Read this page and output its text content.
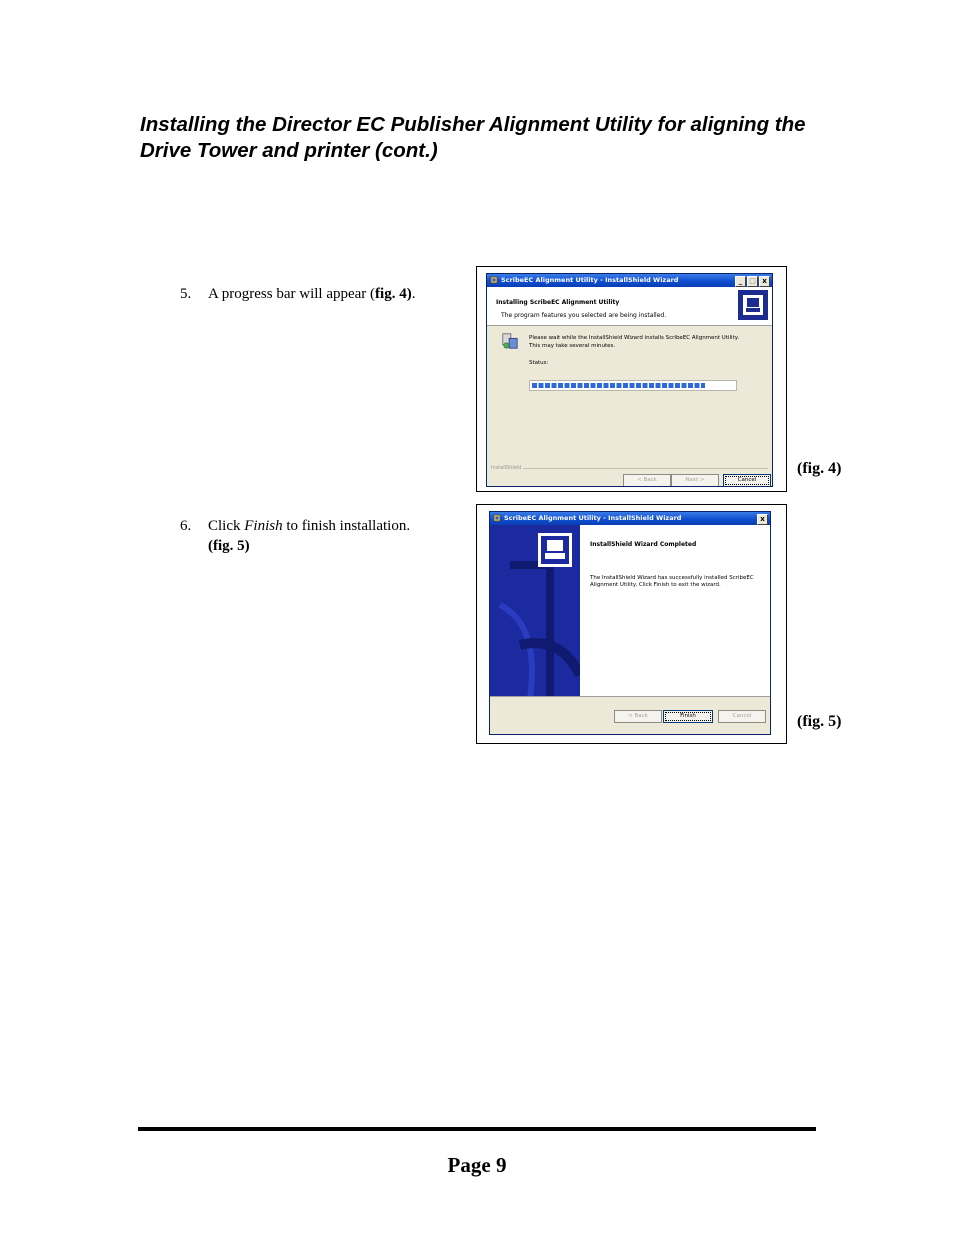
Installing the Director EC Publisher Alignment Utility for aligning the Drive Tower and printer (cont.)
5. A progress bar will appear (fig. 4).
6. Click Finish to finish installation.
(fig. 5)
ScribeEC Alignment Utility - InstallShield Wizard	_ □ x
Installing ScribeEC Alignment Utility
The program features you selected are being installed.
Please wait while the InstallShield Wizard installs ScribeEC Alignment Utility.
This may take several minutes.
Status:
InstallShield
< Back	Next >	Cancel
(fig. 4)
ScribeEC Alignment Utility - InstallShield Wizard	x
InstallShield Wizard Completed
The InstallShield Wizard has successfully installed ScribeEC Alignment Utility. Click Finish to exit the wizard.
< Back	Finish	Cancel	(fig. 5)
Page 9
